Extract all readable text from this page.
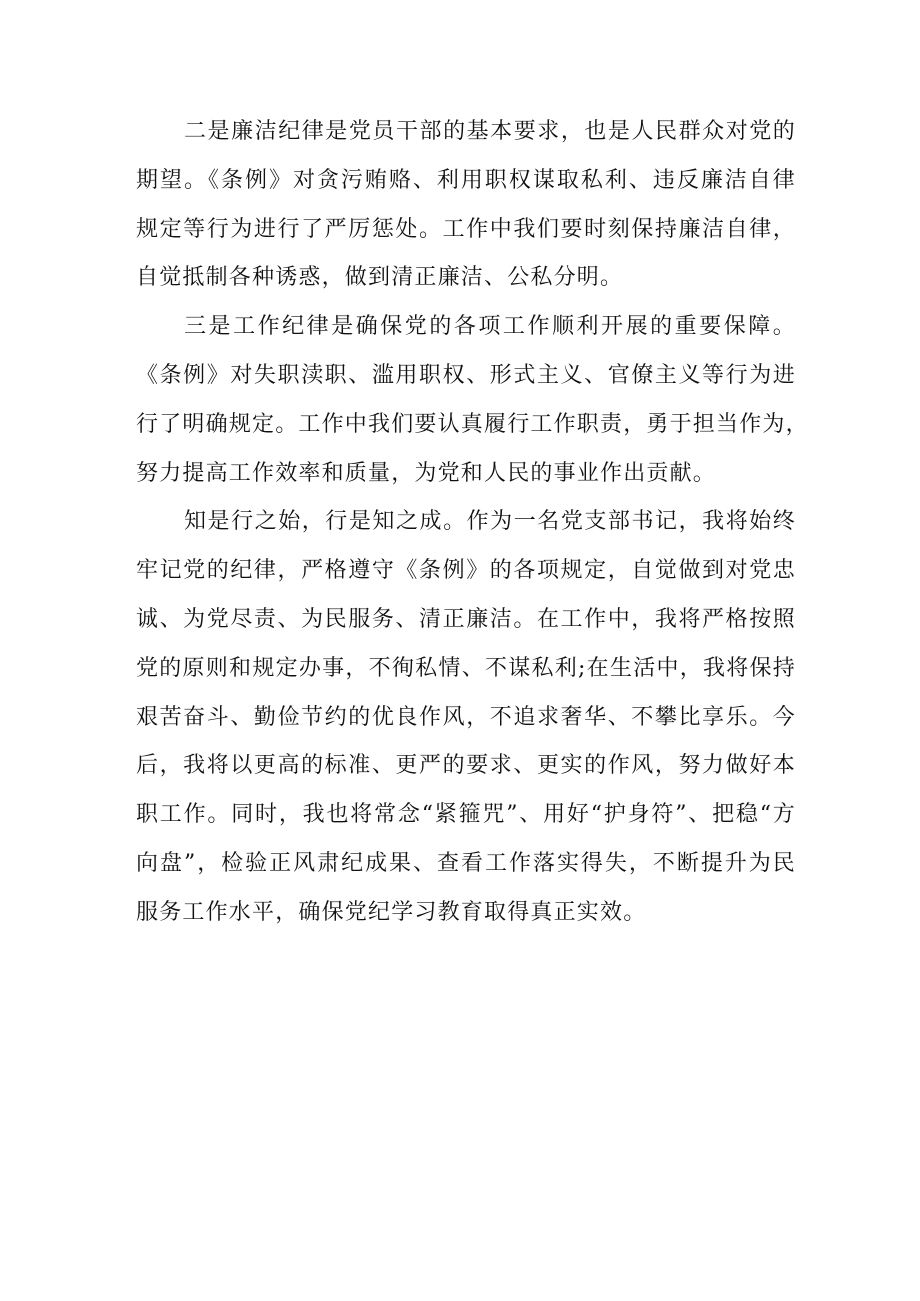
二是廉洁纪律是党员干部的基本要求，也是人民群众对党的
期望。《条例》对贪污贿赂、利用职权谋取私利、违反廉洁自律
规定等行为进行了严厉惩处。工作中我们要时刻保持廉洁自律，
自觉抵制各种诱惑，做到清正廉洁、公私分明。
三是工作纪律是确保党的各项工作顺利开展的重要保障。
《条例》对失职渎职、滥用职权、形式主义、官僚主义等行为进
行了明确规定。工作中我们要认真履行工作职责，勇于担当作为，
努力提高工作效率和质量，为党和人民的事业作出贡献。
知是行之始，行是知之成。作为一名党支部书记，我将始终
牢记党的纪律，严格遵守《条例》的各项规定，自觉做到对党忠
诚、为党尽责、为民服务、清正廉洁。在工作中，我将严格按照
党的原则和规定办事，不徇私情、不谋私利;在生活中，我将保持
艰苦奋斗、勤俭节约的优良作风，不追求奢华、不攀比享乐。今
后，我将以更高的标准、更严的要求、更实的作风，努力做好本
职工作。同时，我也将常念“紧箍咒”、用好“护身符”、把稳“方
向盘”，检验正风肃纪成果、查看工作落实得失，不断提升为民
服务工作水平，确保党纪学习教育取得真正实效。
